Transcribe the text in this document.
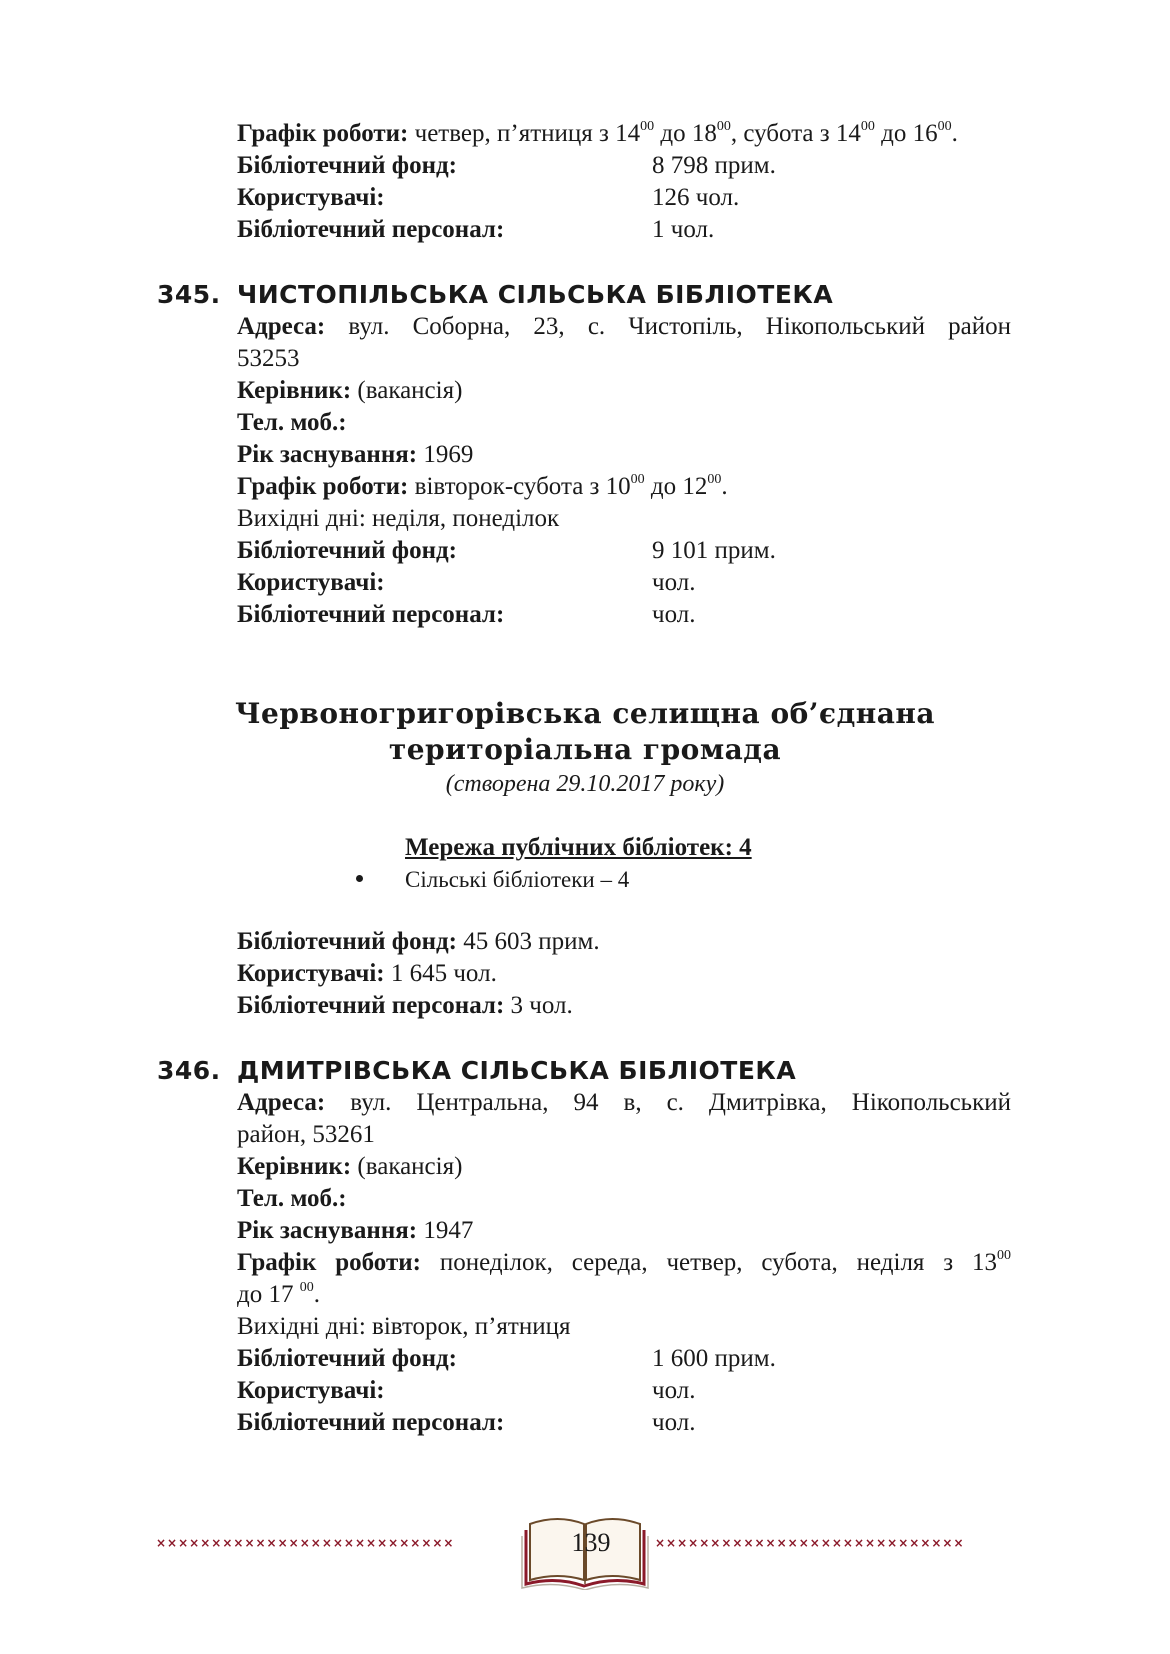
Графік роботи: четвер, п’ятниця з $14^{00}$ до $18^{00}$, субота з $14^{00}$ до $16^{00}$.
Бібліотечний фонд:	8 798 прим.
Користувачі:	126 чол.
Бібліотечний персонал:	1 чол.
345. ЧИСТОПІЛЬСЬКА СІЛЬСЬКА БІБЛІОТЕКА
Адреса: вул. Соборна, 23, с. Чистопіль, Нікопольський район
53253
Керівник: (вакансія)
Тел. моб.:
Рік заснування: 1969
Графік роботи: вівторок-субота з $10^{00}$ до $12^{00}$.
Вихідні дні: неділя, понеділок
Бібліотечний фонд:	9 101 прим.
Користувачі:	чол.
Бібліотечний персонал:	чол.
Червоногригорівська селищна об’єднана
територіальна громада
(створена 29.10.2017 року)
Мережа публічних бібліотек: 4
Сільські бібліотеки – 4
Бібліотечний фонд: 45 603 прим.
Користувачі: 1 645 чол.
Бібліотечний персонал: 3 чол.
346. ДМИТРІВСЬКА СІЛЬСЬКА БІБЛІОТЕКА
Адреса: вул. Центральна, 94 в, с. Дмитрівка, Нікопольський
район, 53261
Керівник: (вакансія)
Тел. моб.:
Рік заснування: 1947
Графік роботи: понеділок, середа, четвер, субота, неділя з $13^{00}$
до 17 $^{00}$.
Вихідні дні: вівторок, п’ятниця
Бібліотечний фонд:	1 600 прим.
Користувачі:	чол.
Бібліотечний персонал:	чол.
×××××××××××××××××××××××××××	××××××××××××××××××××××××××××
139
